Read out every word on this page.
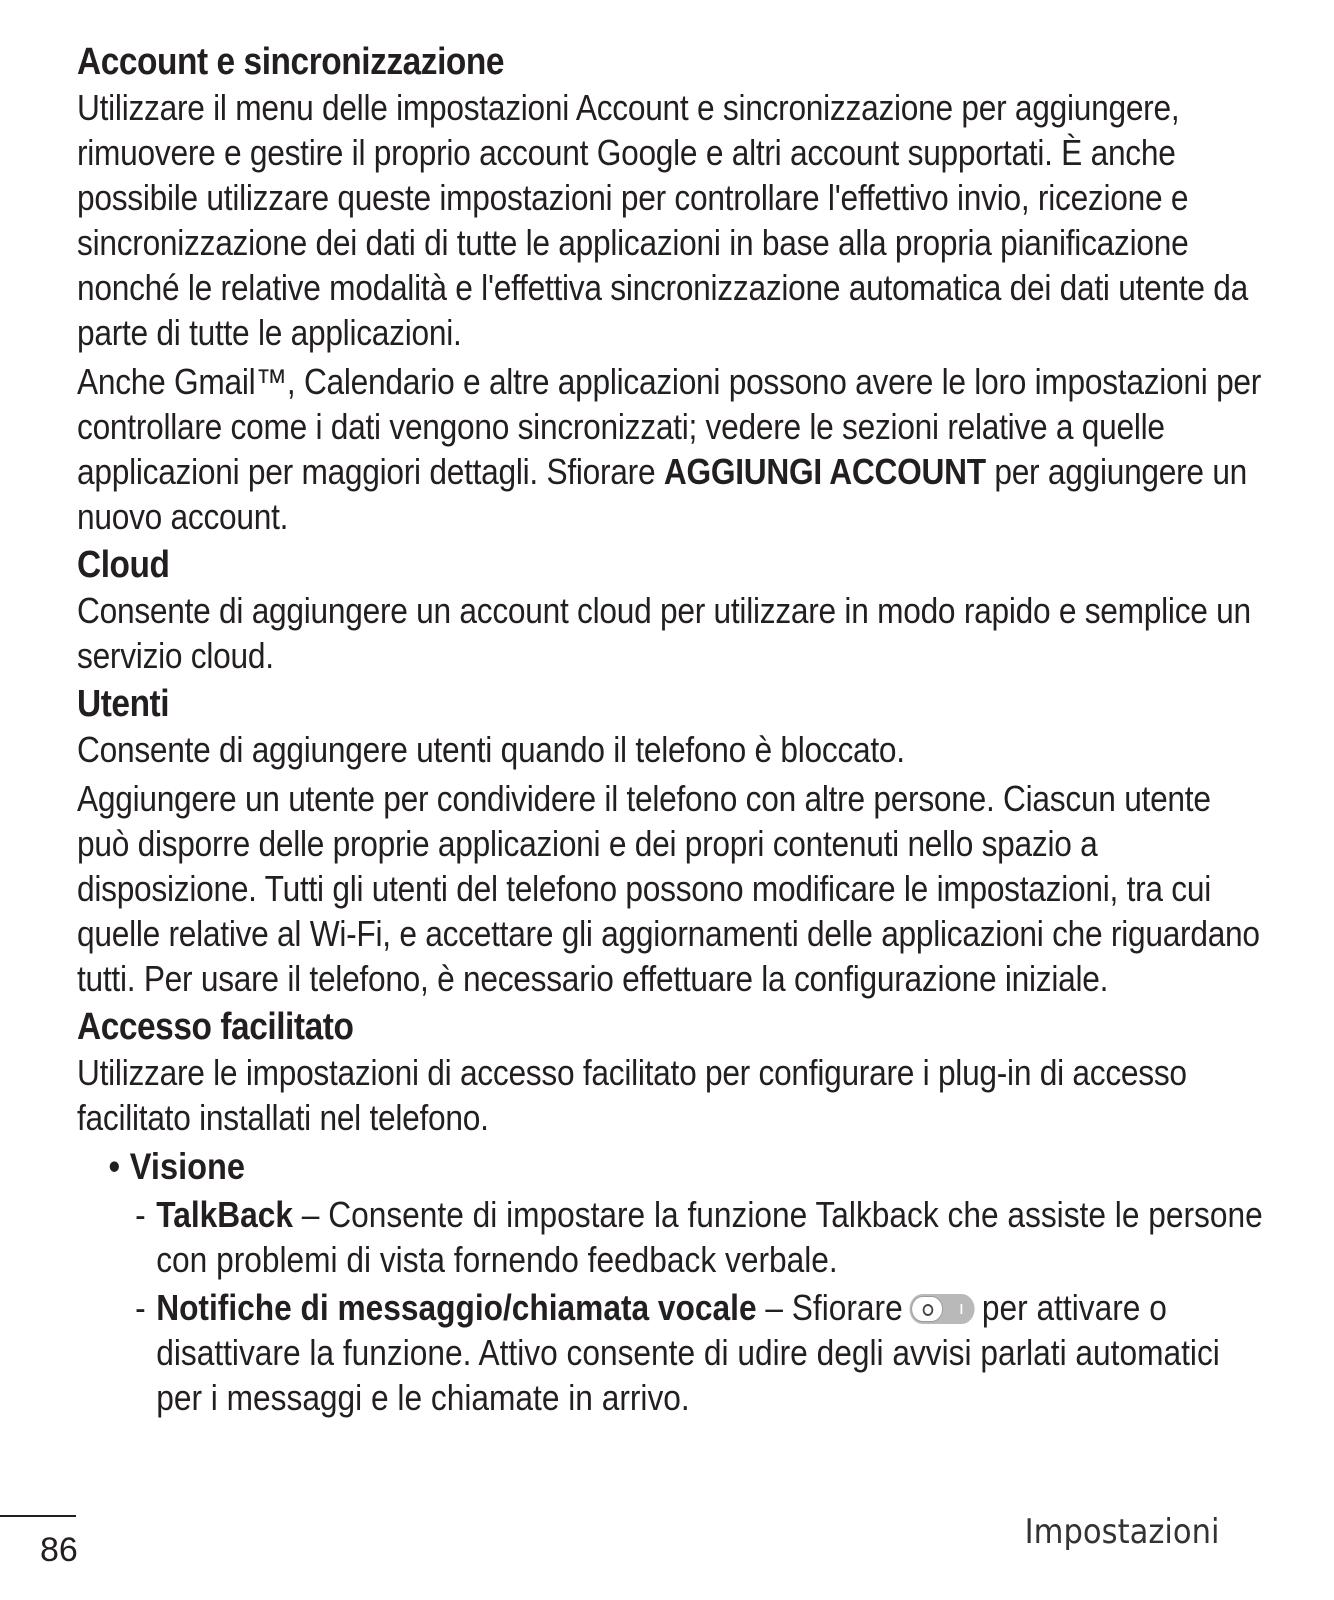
Account e sincronizzazione

Utilizzare il menu delle impostazioni Account e sincronizzazione per aggiungere, rimuovere e gestire il proprio account Google e altri account supportati. È anche possibile utilizzare queste impostazioni per controllare l'effettivo invio, ricezione e sincronizzazione dei dati di tutte le applicazioni in base alla propria pianificazione nonché le relative modalità e l'effettiva sincronizzazione automatica dei dati utente da parte di tutte le applicazioni.

Anche Gmail™, Calendario e altre applicazioni possono avere le loro impostazioni per controllare come i dati vengono sincronizzati; vedere le sezioni relative a quelle applicazioni per maggiori dettagli. Sfiorare AGGIUNGI ACCOUNT per aggiungere un nuovo account.

Cloud

Consente di aggiungere un account cloud per utilizzare in modo rapido e semplice un servizio cloud.

Utenti

Consente di aggiungere utenti quando il telefono è bloccato.

Aggiungere un utente per condividere il telefono con altre persone. Ciascun utente può disporre delle proprie applicazioni e dei propri contenuti nello spazio a disposizione. Tutti gli utenti del telefono possono modificare le impostazioni, tra cui quelle relative al Wi-Fi, e accettare gli aggiornamenti delle applicazioni che riguardano tutti. Per usare il telefono, è necessario effettuare la configurazione iniziale.

Accesso facilitato

Utilizzare le impostazioni di accesso facilitato per configurare i plug-in di accesso facilitato installati nel telefono.

• Visione
- TalkBack – Consente di impostare la funzione Talkback che assiste le persone con problemi di vista fornendo feedback verbale.
- Notifiche di messaggio/chiamata vocale – Sfiorare per attivare o disattivare la funzione. Attivo consente di udire degli avvisi parlati automatici per i messaggi e le chiamate in arrivo.
86	Impostazioni
